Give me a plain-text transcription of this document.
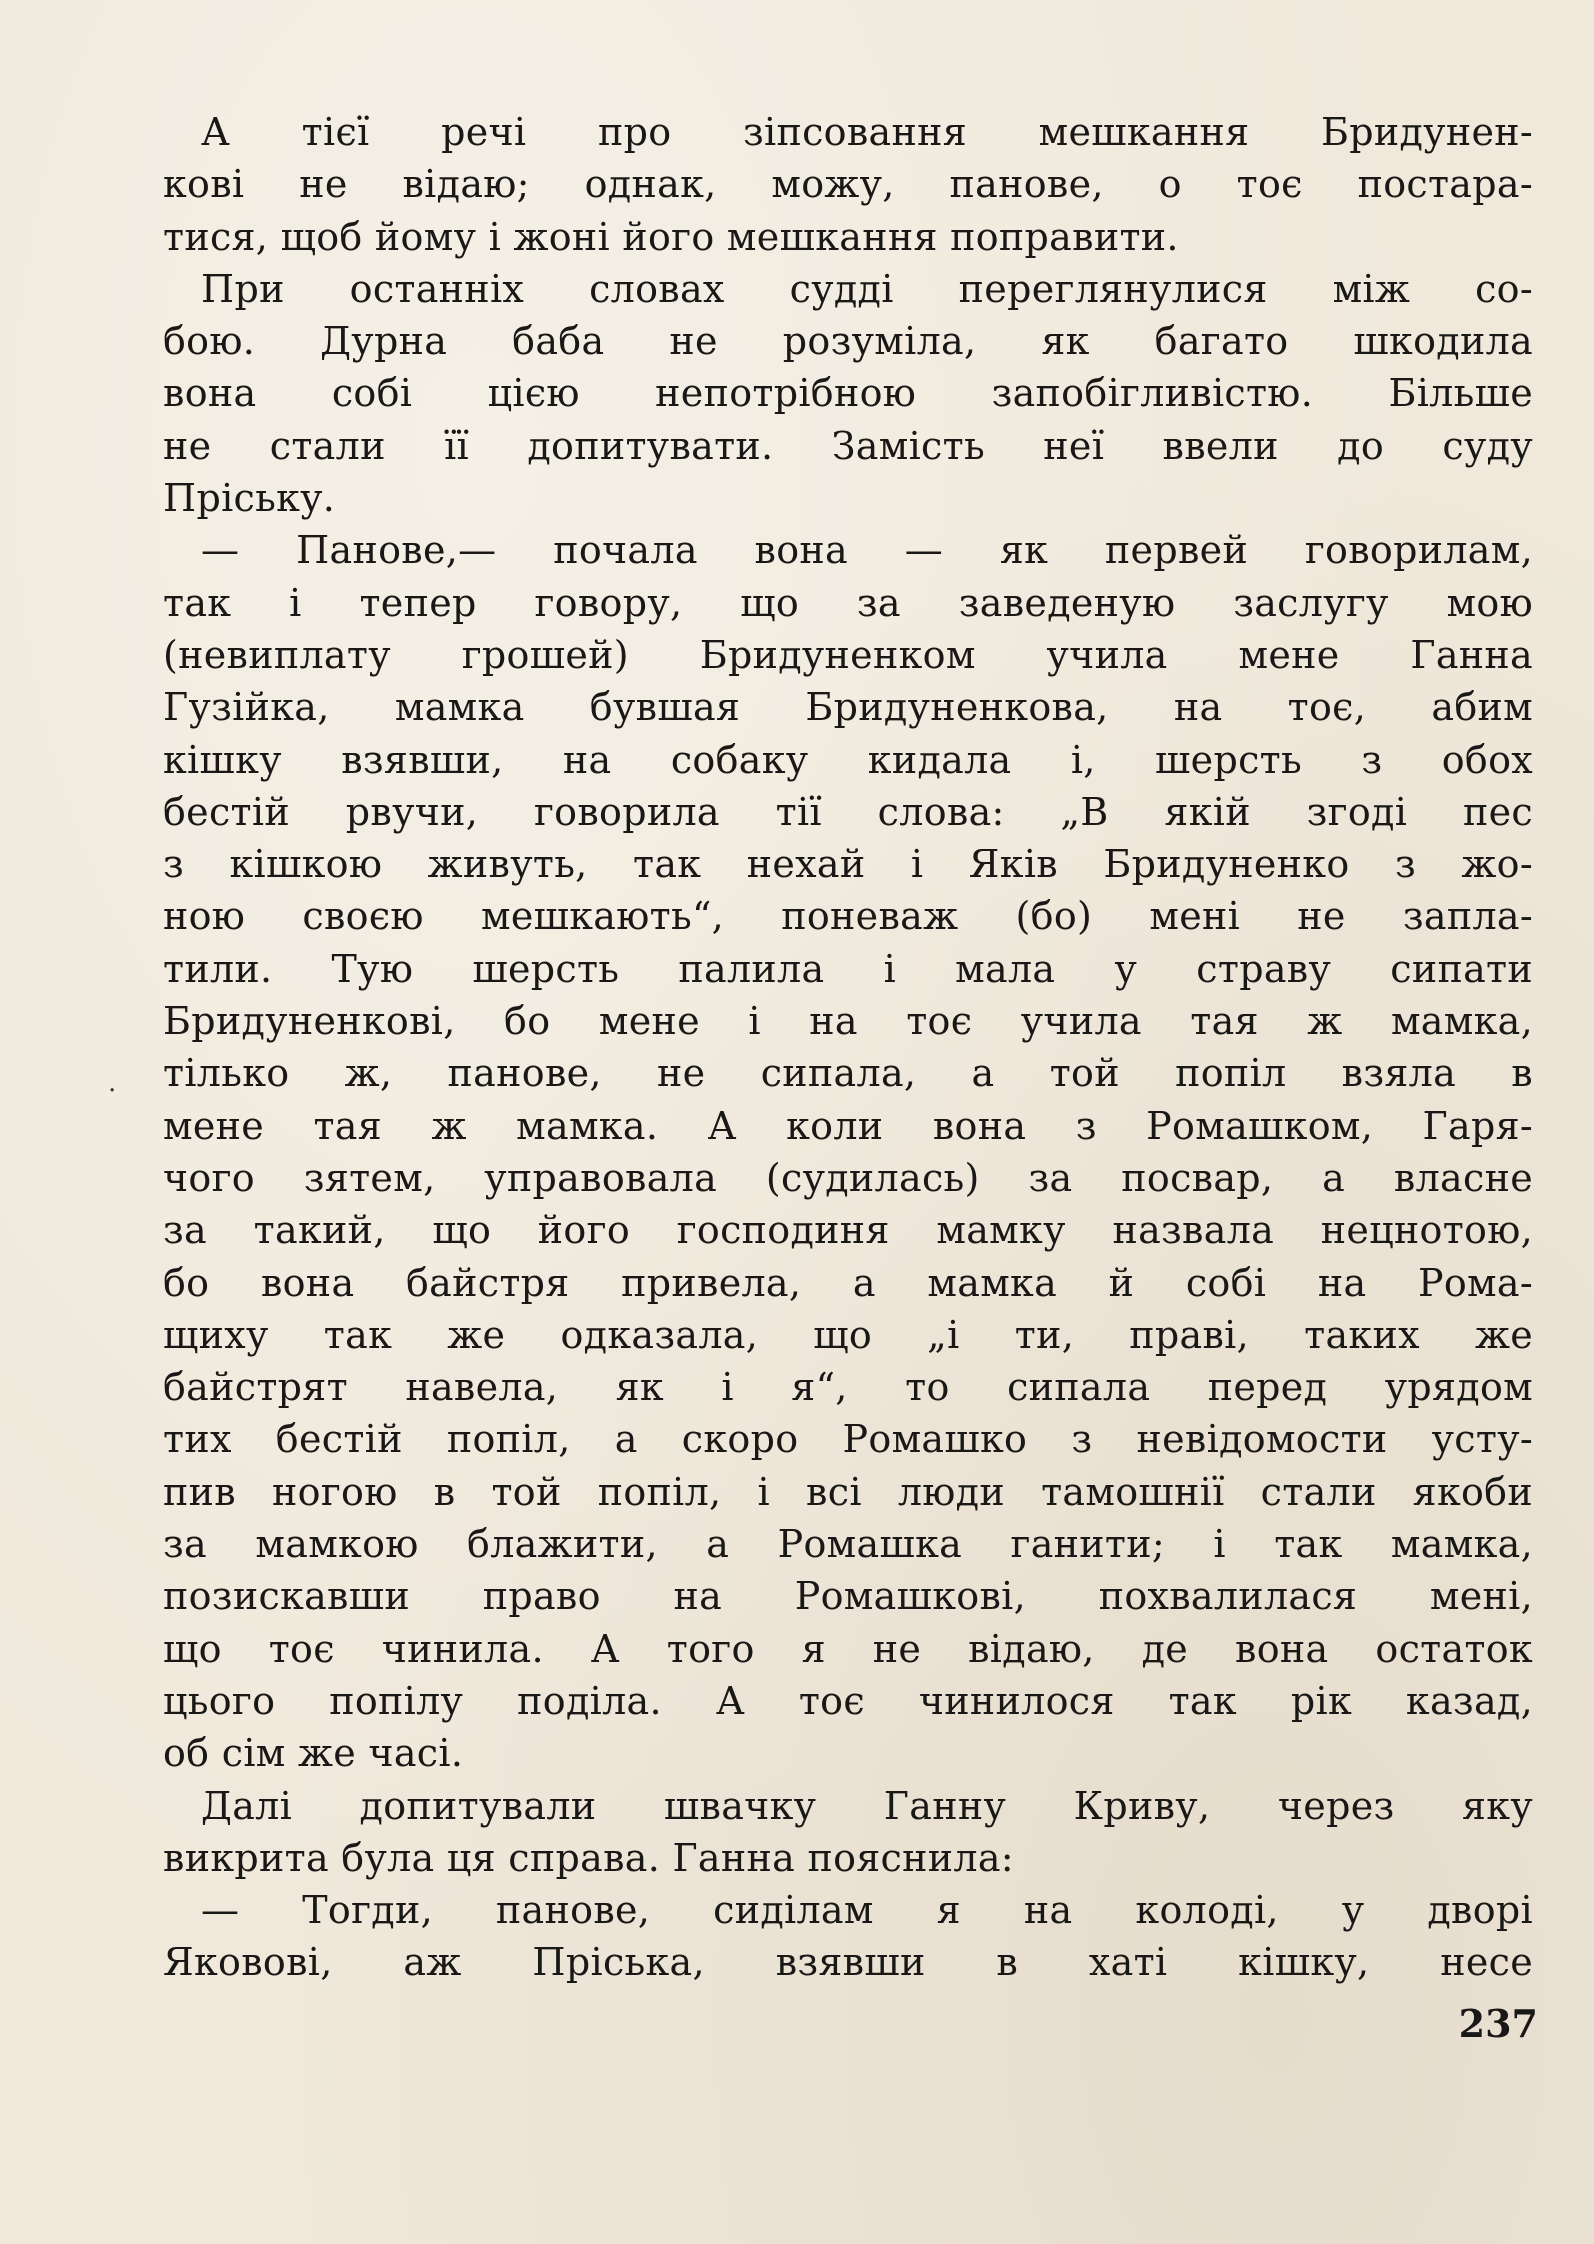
А тієї речі про зіпсовання мешкання Бридунен-
кові не відаю; однак, можу, панове, о тоє постара-
тися, щоб йому і жоні його мешкання поправити.
При останніх словах судді переглянулися між со-
бою. Дурна баба не розуміла, як багато шкодила
вона собі цією непотрібною запобігливістю. Більше
не стали її допитувати. Замість неї ввели до суду
Пріську.
— Панове,— почала вона — як первей говорилам,
так і тепер говору, що за заведеную заслугу мою
(невиплату грошей) Бридуненком учила мене Ганна
Гузійка, мамка бувшая Бридуненкова, на тоє, абим
кішку взявши, на собаку кидала і, шерсть з обох
бестій рвучи, говорила тії слова: „В якій згоді пес
з кішкою живуть, так нехай і Яків Бридуненко з жо-
ною своєю мешкають“, поневаж (бо) мені не запла-
тили. Тую шерсть палила і мала у страву сипати
Бридуненкові, бо мене і на тоє учила тая ж мамка,
тілько ж, панове, не сипала, а той попіл взяла в
мене тая ж мамка. А коли вона з Ромашком, Гаря-
чого зятем, управовала (судилась) за посвар, а власне
за такий, що його господиня мамку назвала нецнотою,
бо вона байстря привела, а мамка й собі на Рома-
щиху так же одказала, що „і ти, праві, таких же
байстрят навела, як і я“, то сипала перед урядом
тих бестій попіл, а скоро Ромашко з невідомости усту-
пив ногою в той попіл, і всі люди тамошнії стали якоби
за мамкою блажити, а Ромашка ганити; і так мамка,
позискавши право на Ромашкові, похвалилася мені,
що тоє чинила. А того я не відаю, де вона остаток
цього попілу поділа. А тоє чинилося так рік казад,
об сім же часі.
Далі допитували швачку Ганну Криву, через яку
викрита була ця справа. Ганна пояснила:
— Тогди, панове, сиділам я на колоді, у дворі
Яковові, аж Пріська, взявши в хаті кішку, несе
.
237
